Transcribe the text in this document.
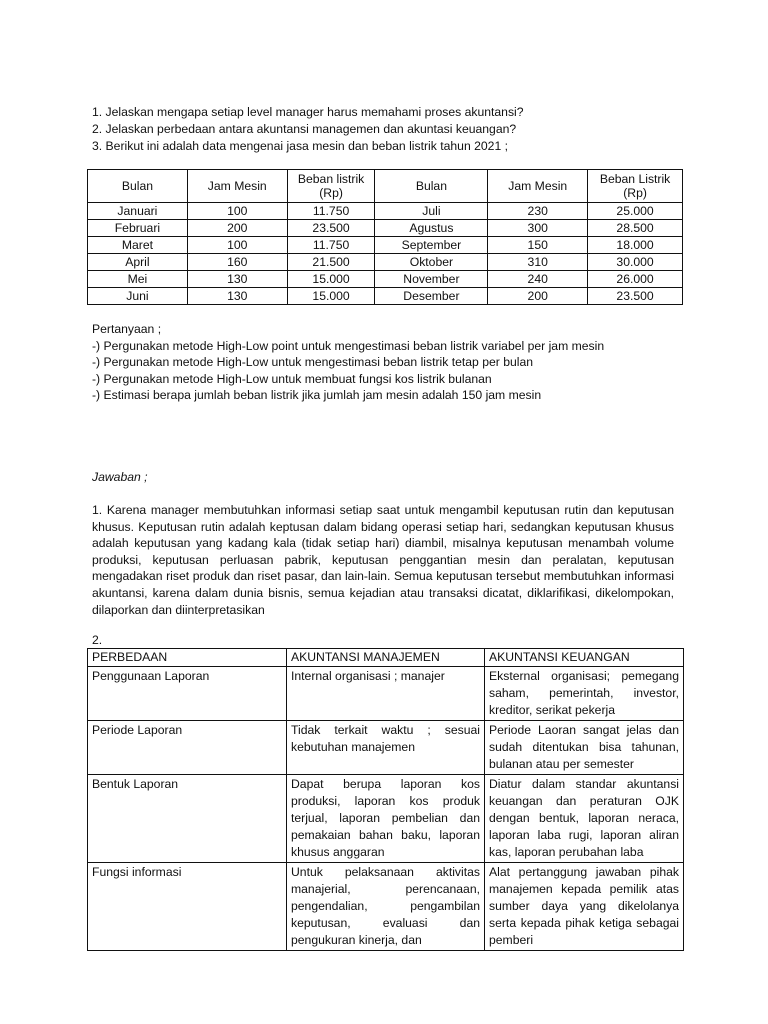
1. Jelaskan mengapa setiap level manager harus memahami proses akuntansi?
2. Jelaskan perbedaan antara akuntansi managemen dan akuntasi keuangan?
3. Berikut ini adalah data mengenai jasa mesin dan beban listrik tahun 2021 ;
Bulan	Jam Mesin	Beban listrik (Rp)	Bulan	Jam Mesin	Beban Listrik (Rp)
Januari	100	11.750	Juli	230	25.000
Februari	200	23.500	Agustus	300	28.500
Maret	100	11.750	September	150	18.000
April	160	21.500	Oktober	310	30.000
Mei	130	15.000	November	240	26.000
Juni	130	15.000	Desember	200	23.500
Pertanyaan ;
-) Pergunakan metode High-Low point untuk mengestimasi beban listrik variabel per jam mesin
-) Pergunakan metode High-Low untuk mengestimasi beban listrik tetap per bulan
-) Pergunakan metode High-Low untuk membuat fungsi kos listrik bulanan
-) Estimasi berapa jumlah beban listrik jika jumlah jam mesin adalah 150 jam mesin
Jawaban ;
1. Karena manager membutuhkan informasi setiap saat untuk mengambil keputusan rutin dan keputusan khusus. Keputusan rutin adalah keptusan dalam bidang operasi setiap hari, sedangkan keputusan khusus adalah keputusan yang kadang kala (tidak setiap hari) diambil, misalnya keputusan menambah volume produksi, keputusan perluasan pabrik, keputusan penggantian mesin dan peralatan, keputusan mengadakan riset produk dan riset pasar, dan lain-lain. Semua keputusan tersebut membutuhkan informasi akuntansi, karena dalam dunia bisnis, semua kejadian atau transaksi dicatat, diklarifikasi, dikelompokan, dilaporkan dan diinterpretasikan
2.
PERBEDAAN	AKUNTANSI MANAJEMEN	AKUNTANSI KEUANGAN
Penggunaan Laporan	Internal organisasi ; manajer	Eksternal organisasi; pemegang saham, pemerintah, investor, kreditor, serikat pekerja
Periode Laporan	Tidak terkait waktu ; sesuai kebutuhan manajemen	Periode Laoran sangat jelas dan sudah ditentukan bisa tahunan, bulanan atau per semester
Bentuk Laporan	Dapat berupa laporan kos produksi, laporan kos produk terjual, laporan pembelian dan pemakaian bahan baku, laporan khusus anggaran	Diatur dalam standar akuntansi keuangan dan peraturan OJK dengan bentuk, laporan neraca, laporan laba rugi, laporan aliran kas, laporan perubahan laba
Fungsi informasi	Untuk pelaksanaan aktivitas manajerial, perencanaan, pengendalian, pengambilan keputusan, evaluasi dan pengukuran kinerja, dan	Alat pertanggung jawaban pihak manajemen kepada pemilik atas sumber daya yang dikelolanya serta kepada pihak ketiga sebagai pemberi
